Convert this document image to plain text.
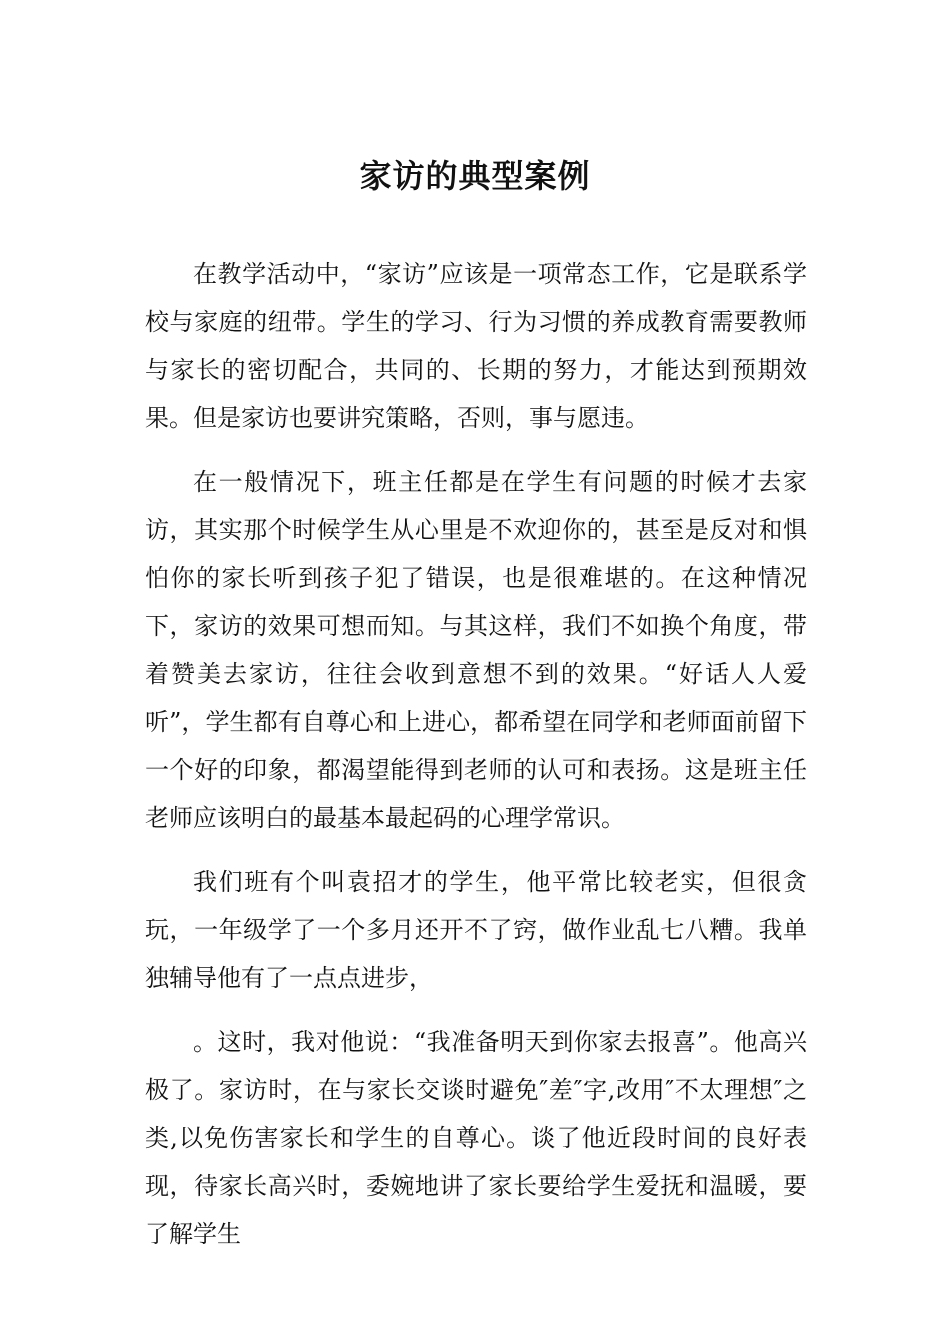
家访的典型案例

在教学活动中，“家访”应该是一项常态工作，它是联系学校与家庭的纽带。学生的学习、行为习惯的养成教育需要教师与家长的密切配合，共同的、长期的努力，才能达到预期效果。但是家访也要讲究策略，否则，事与愿违。

在一般情况下，班主任都是在学生有问题的时候才去家访，其实那个时候学生从心里是不欢迎你的，甚至是反对和惧怕你的家长听到孩子犯了错误，也是很难堪的。在这种情况下，家访的效果可想而知。与其这样，我们不如换个角度，带着赞美去家访，往往会收到意想不到的效果。“好话人人爱听”，学生都有自尊心和上进心，都希望在同学和老师面前留下一个好的印象，都渴望能得到老师的认可和表扬。这是班主任老师应该明白的最基本最起码的心理学常识。

我们班有个叫袁招才的学生，他平常比较老实，但很贪玩，一年级学了一个多月还开不了窍，做作业乱七八糟。我单独辅导他有了一点点进步，

。这时，我对他说：“我准备明天到你家去报喜”。他高兴极了。家访时，在与家长交谈时避免″差″字,改用″不太理想″之类,以免伤害家长和学生的自尊心。谈了他近段时间的良好表现，待家长高兴时，委婉地讲了家长要给学生爱抚和温暖，要了解学生
